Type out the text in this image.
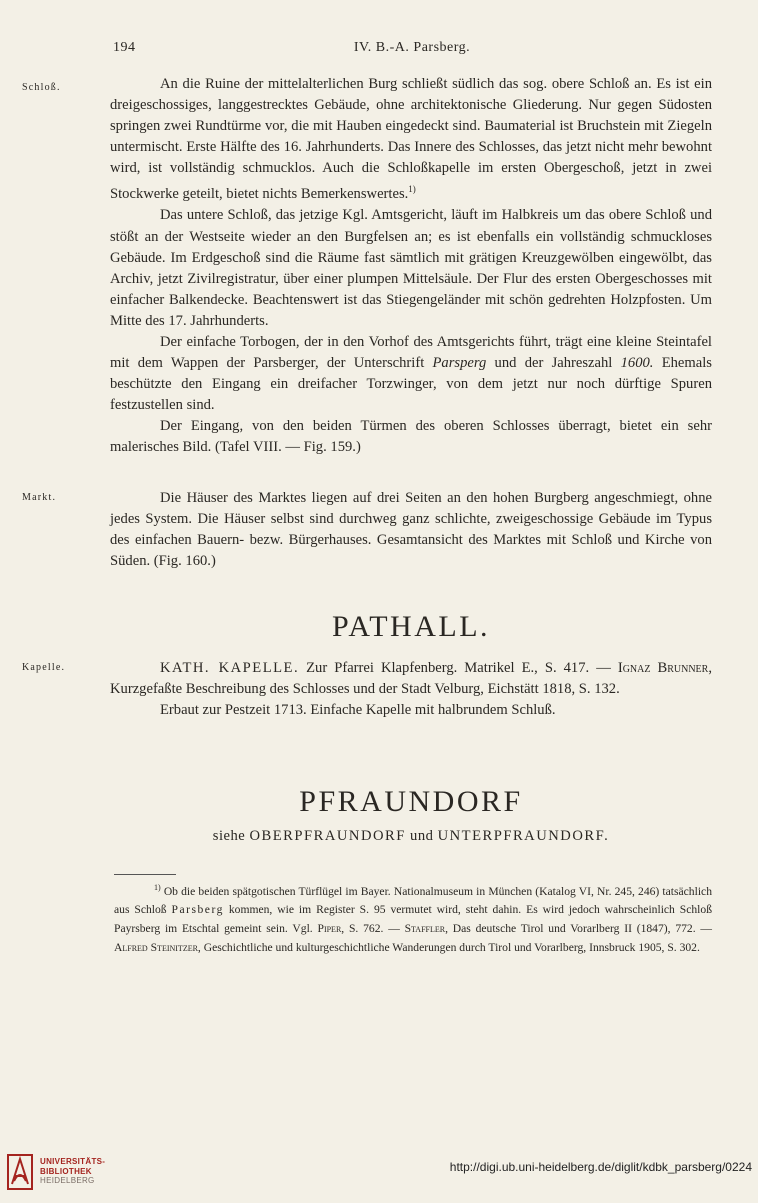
194	IV. B.-A. Parsberg.
Schloß.
Markt.
Kapelle.

An die Ruine der mittelalterlichen Burg schließt südlich das sog. obere Schloß an. Es ist ein dreigeschossiges, langgestrecktes Gebäude, ohne architektonische Gliederung. Nur gegen Südosten springen zwei Rundtürme vor, die mit Hauben eingedeckt sind. Baumaterial ist Bruchstein mit Ziegeln untermischt. Erste Hälfte des 16. Jahrhunderts. Das Innere des Schlosses, das jetzt nicht mehr bewohnt wird, ist vollständig schmucklos. Auch die Schloßkapelle im ersten Obergeschoß, jetzt in zwei Stockwerke geteilt, bietet nichts Bemerkenswertes.$^{1)}$

Das untere Schloß, das jetzige Kgl. Amtsgericht, läuft im Halbkreis um das obere Schloß und stößt an der Westseite wieder an den Burgfelsen an; es ist ebenfalls ein vollständig schmuckloses Gebäude. Im Erdgeschoß sind die Räume fast sämtlich mit grätigen Kreuzgewölben eingewölbt, das Archiv, jetzt Zivilregistratur, über einer plumpen Mittelsäule. Der Flur des ersten Obergeschosses mit einfacher Balkendecke. Beachtenswert ist das Stiegengeländer mit schön gedrehten Holzpfosten. Um Mitte des 17. Jahrhunderts.

Der einfache Torbogen, der in den Vorhof des Amtsgerichts führt, trägt eine kleine Steintafel mit dem Wappen der Parsberger, der Unterschrift Parsperg und der Jahreszahl 1600. Ehemals beschützte den Eingang ein dreifacher Torzwinger, von dem jetzt nur noch dürftige Spuren festzustellen sind.

Der Eingang, von den beiden Türmen des oberen Schlosses überragt, bietet ein sehr malerisches Bild. (Tafel VIII. — Fig. 159.)

Die Häuser des Marktes liegen auf drei Seiten an den hohen Burgberg angeschmiegt, ohne jedes System. Die Häuser selbst sind durchweg ganz schlichte, zweigeschossige Gebäude im Typus des einfachen Bauern- bezw. Bürgerhauses. Gesamtansicht des Marktes mit Schloß und Kirche von Süden. (Fig. 160.)

PATHALL.

KATH. KAPELLE. Zur Pfarrei Klapfenberg. Matrikel E., S. 417. — Ignaz Brunner, Kurzgefaßte Beschreibung des Schlosses und der Stadt Velburg, Eichstätt 1818, S. 132.

Erbaut zur Pestzeit 1713. Einfache Kapelle mit halbrundem Schluß.

PFRAUNDORF
siehe OBERPFRAUNDORF und UNTERPFRAUNDORF.

$^{1)}$ Ob die beiden spätgotischen Türflügel im Bayer. Nationalmuseum in München (Katalog VI, Nr. 245, 246) tatsächlich aus Schloß Parsberg kommen, wie im Register S. 95 vermutet wird, steht dahin. Es wird jedoch wahrscheinlich Schloß Payrsberg im Etschtal gemeint sein. Vgl. Piper, S. 762. — Staffler, Das deutsche Tirol und Vorarlberg II (1847), 772. — Alfred Steinitzer, Geschichtliche und kulturgeschichtliche Wanderungen durch Tirol und Vorarlberg, Innsbruck 1905, S. 302.

UNIVERSITÄTS-
BIBLIOTHEK
HEIDELBERG
http://digi.ub.uni-heidelberg.de/diglit/kdbk_parsberg/0224
